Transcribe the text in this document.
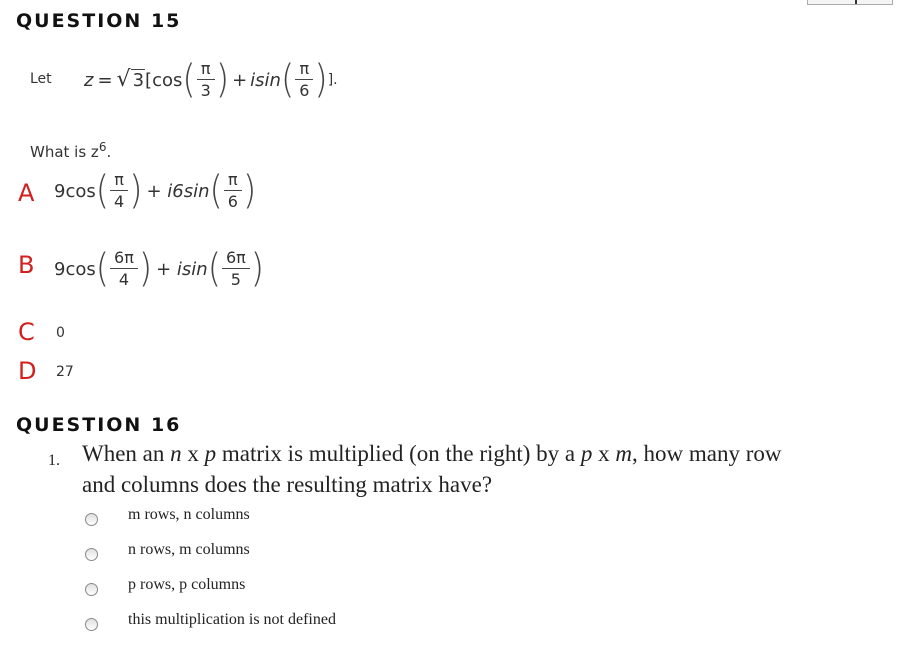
QUESTION 15
Let z = √ 3 [ cos ( $\frac{\pi}{3}$ ) + isin ( $\frac{\pi}{6}$ ) ].
What is $z^6$.
A 9cos ( $\frac{\pi}{4}$ ) + i6sin ( $\frac{\pi}{6}$ )
B 9cos ( $\frac{6\pi}{4}$ ) + isin ( $\frac{6\pi}{5}$ )
C 0
D 27
QUESTION 16
1. When an n x p matrix is multiplied (on the right) by a p x m, how many row
and columns does the resulting matrix have?
m rows, n columns
n rows, m columns
p rows, p columns
this multiplication is not defined
